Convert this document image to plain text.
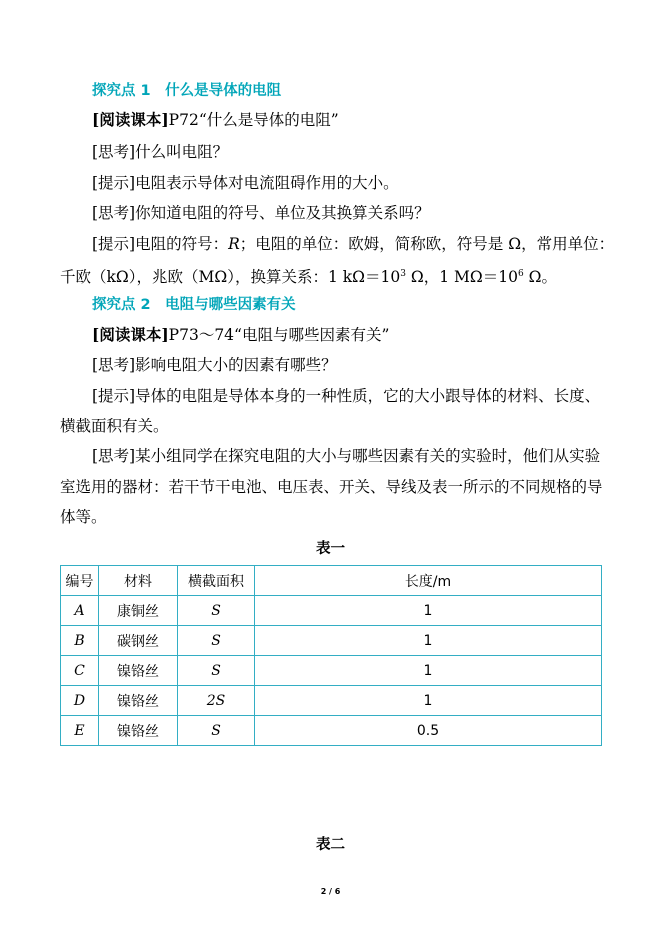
探究点 1　什么是导体的电阻
[阅读课本]P72“什么是导体的电阻”
[思考]什么叫电阻？
[提示]电阻表示导体对电流阻碍作用的大小。
[思考]你知道电阻的符号、单位及其换算关系吗？
[提示]电阻的符号：R；电阻的单位：欧姆，简称欧，符号是 Ω，常用单位：
千欧（kΩ），兆欧（MΩ），换算关系：1 $k\Omega=10^3$ Ω，1 $M\Omega=10^6$ Ω。
探究点 2　电阻与哪些因素有关
[阅读课本]P73～74“电阻与哪些因素有关”
[思考]影响电阻大小的因素有哪些？
[提示]导体的电阻是导体本身的一种性质，它的大小跟导体的材料、长度、
横截面积有关。
[思考]某小组同学在探究电阻的大小与哪些因素有关的实验时，他们从实验
室选用的器材：若干节干电池、电压表、开关、导线及表一所示的不同规格的导
体等。
表一
编号	材料	横截面积	长度/m
A	康铜丝	S	1
B	碳钢丝	S	1
C	镍铬丝	S	1
D	镍铬丝	2S	1
E	镍铬丝	S	0.5
表二
2 / 6
